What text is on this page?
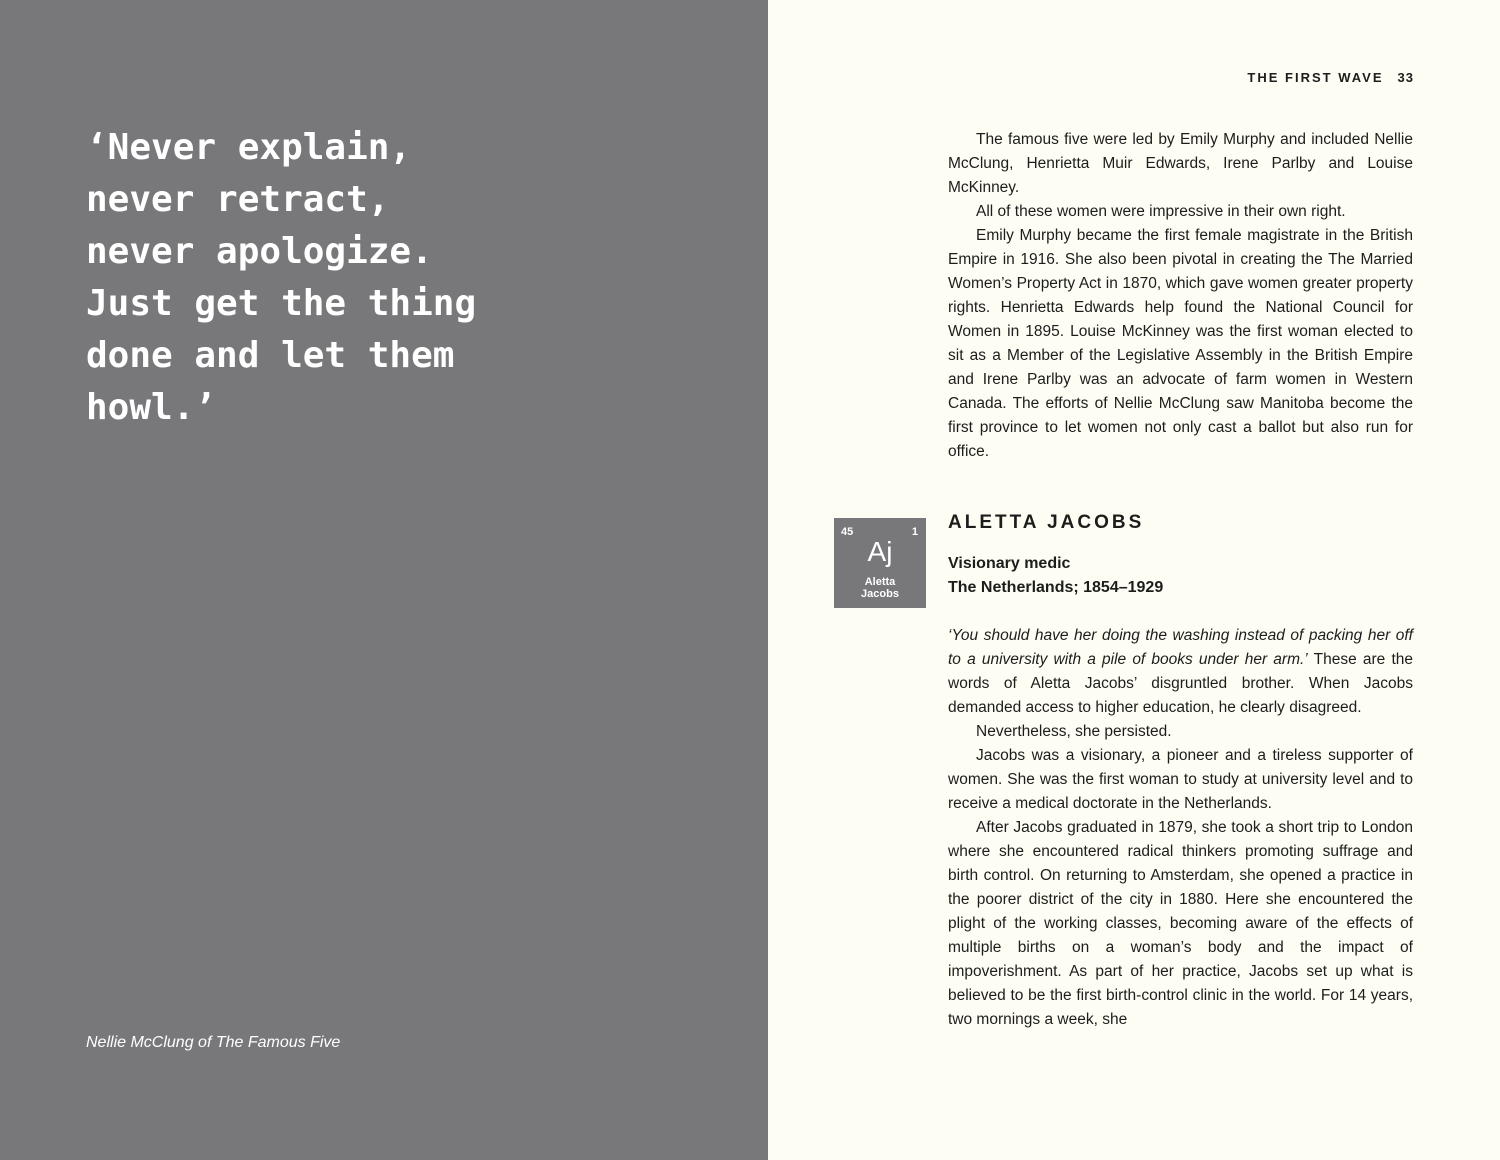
‘Never explain,
never retract,
never apologize.
Just get the thing
done and let them
howl.’

Nellie McClung of The Famous Five

THE FIRST WAVE 33

The famous five were led by Emily Murphy and included Nellie McClung, Henrietta Muir Edwards, Irene Parlby and Louise McKinney.

All of these women were impressive in their own right.

Emily Murphy became the first female magistrate in the British Empire in 1916. She also been pivotal in creating the The Married Women’s Property Act in 1870, which gave women greater property rights. Henrietta Edwards help found the National Council for Women in 1895. Louise McKinney was the first woman elected to sit as a Member of the Legislative Assembly in the British Empire and Irene Parlby was an advocate of farm women in Western Canada. The efforts of Nellie McClung saw Manitoba become the first province to let women not only cast a ballot but also run for office.

45	1
Aj
Aletta
Jacobs
ALETTA JACOBS
Visionary medic
The Netherlands; 1854–1929

‘You should have her doing the washing instead of packing her off to a university with a pile of books under her arm.’ These are the words of Aletta Jacobs’ disgruntled brother. When Jacobs demanded access to higher education, he clearly disagreed.

Nevertheless, she persisted.

Jacobs was a visionary, a pioneer and a tireless supporter of women. She was the first woman to study at university level and to receive a medical doctorate in the Netherlands.

After Jacobs graduated in 1879, she took a short trip to London where she encountered radical thinkers promoting suffrage and birth control. On returning to Amsterdam, she opened a practice in the poorer district of the city in 1880. Here she encountered the plight of the working classes, becoming aware of the effects of multiple births on a woman’s body and the impact of impoverishment. As part of her practice, Jacobs set up what is believed to be the first birth-control clinic in the world. For 14 years, two mornings a week, she
